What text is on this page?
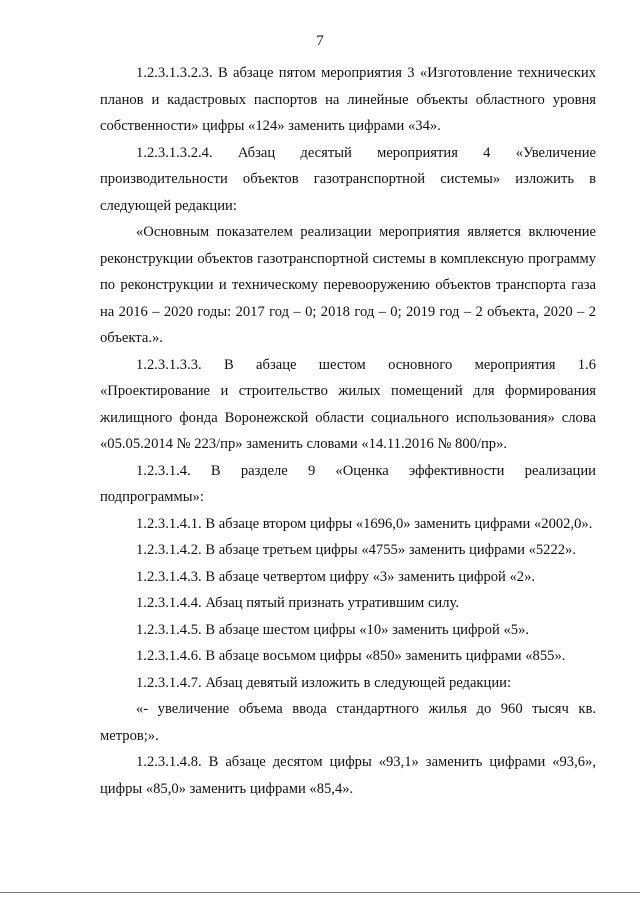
7

1.2.3.1.3.2.3. В абзаце пятом мероприятия 3 «Изготовление технических планов и кадастровых паспортов на линейные объекты областного уровня собственности» цифры «124» заменить цифрами «34».

1.2.3.1.3.2.4. Абзац десятый мероприятия 4 «Увеличение производительности объектов газотранспортной системы» изложить в следующей редакции:

«Основным показателем реализации мероприятия является включение реконструкции объектов газотранспортной системы в комплексную программу по реконструкции и техническому перевооружению объектов транспорта газа на 2016 – 2020 годы: 2017 год – 0; 2018 год – 0; 2019 год – 2 объекта, 2020 – 2 объекта.».

1.2.3.1.3.3. В абзаце шестом основного мероприятия 1.6 «Проектирование и строительство жилых помещений для формирования жилищного фонда Воронежской области социального использования» слова «05.05.2014 № 223/пр» заменить словами «14.11.2016 № 800/пр».

1.2.3.1.4. В разделе 9 «Оценка эффективности реализации подпрограммы»:

1.2.3.1.4.1. В абзаце втором цифры «1696,0» заменить цифрами «2002,0».

1.2.3.1.4.2. В абзаце третьем цифры «4755» заменить цифрами «5222».

1.2.3.1.4.3. В абзаце четвертом цифру «3» заменить цифрой «2».

1.2.3.1.4.4. Абзац пятый признать утратившим силу.

1.2.3.1.4.5. В абзаце шестом цифры «10» заменить цифрой «5».

1.2.3.1.4.6. В абзаце восьмом цифры «850» заменить цифрами «855».

1.2.3.1.4.7. Абзац девятый изложить в следующей редакции:

«- увеличение объема ввода стандартного жилья до 960 тысяч кв. метров;».

1.2.3.1.4.8. В абзаце десятом цифры «93,1» заменить цифрами «93,6», цифры «85,0» заменить цифрами «85,4».
